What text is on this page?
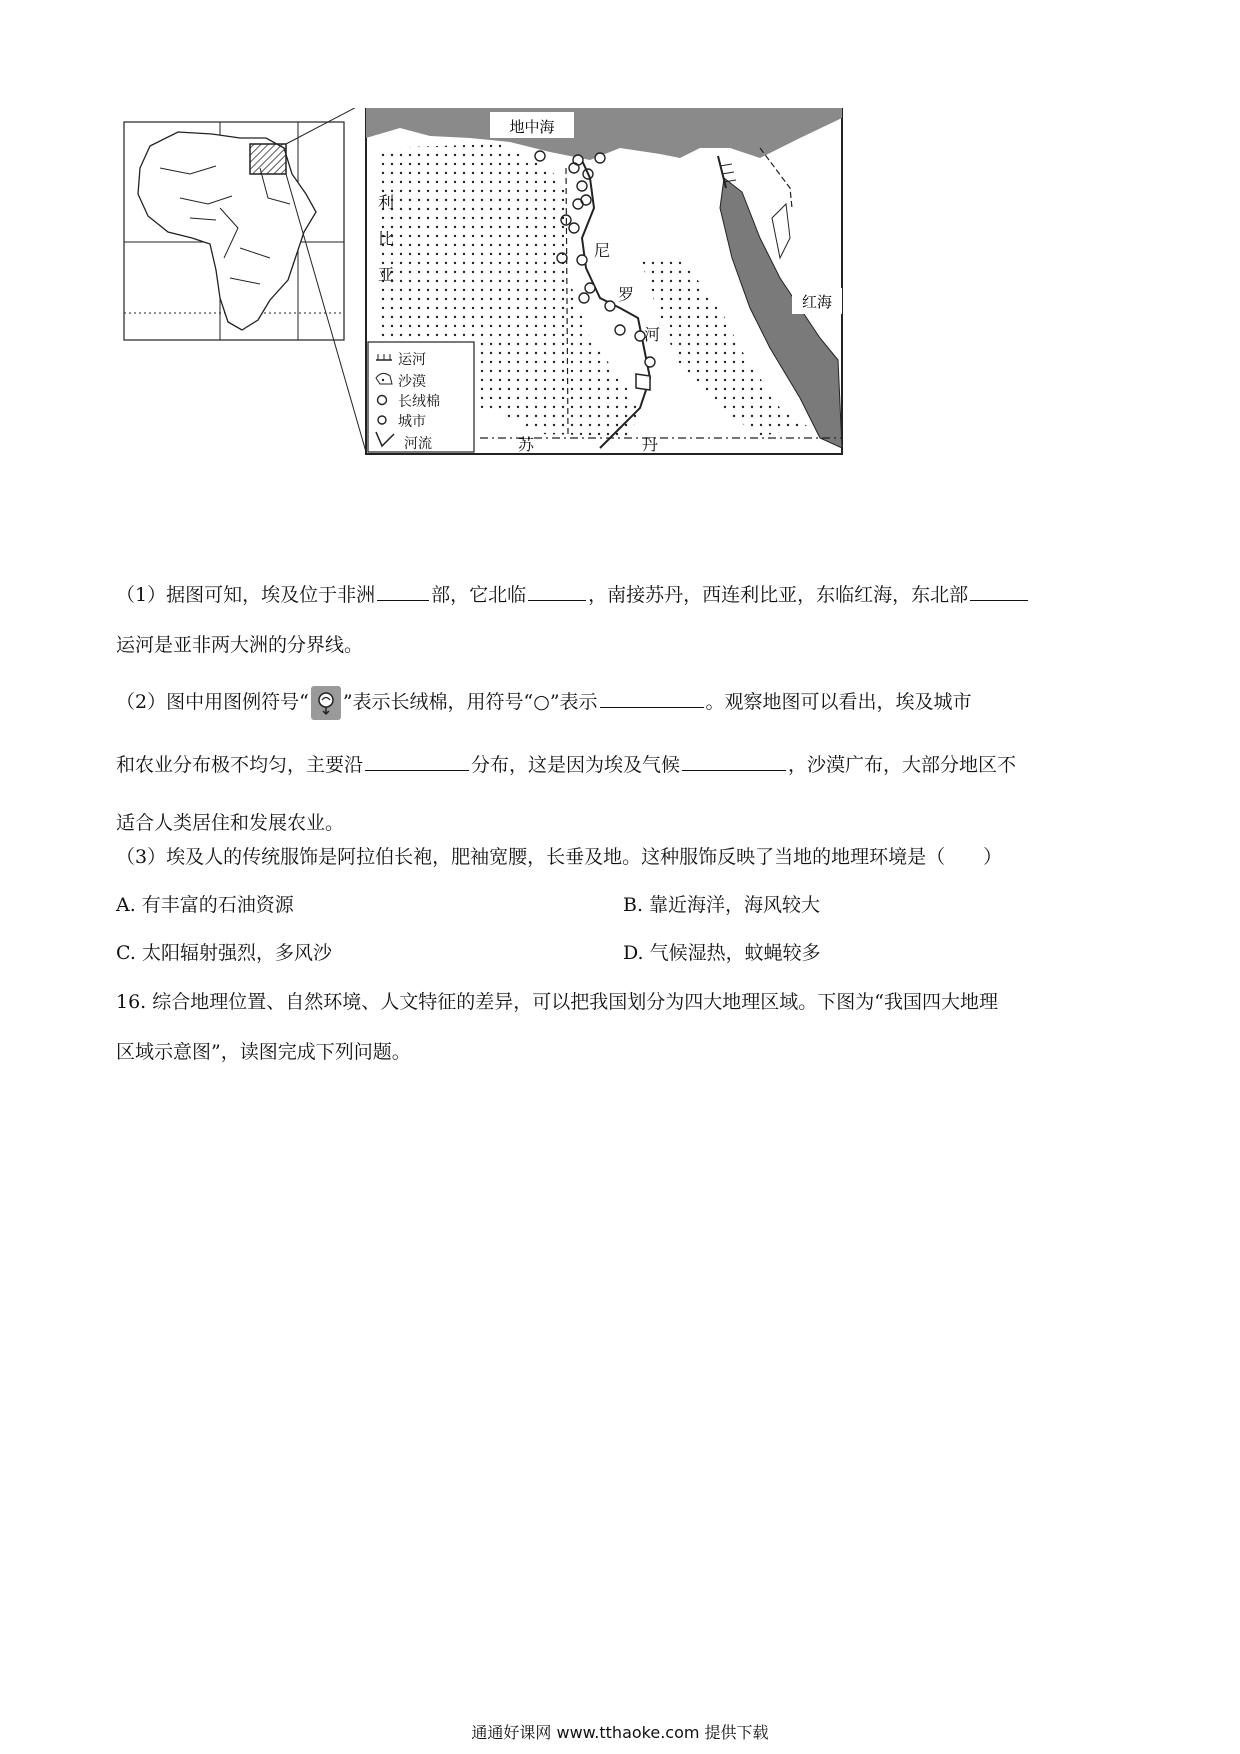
地中海
红海
利
比
亚
尼
罗
河
苏	丹
运河
沙漠
长绒棉
城市
河流

（1）据图可知，埃及位于非洲	部，它北临	，南接苏丹，西连利比亚，东临红海，东北部

运河是亚非两大洲的分界线。

（2）图中用图例符号“ ”表示长绒棉，用符号“○”表示	。观察地图可以看出，埃及城市

和农业分布极不均匀，主要沿	分布，这是因为埃及气候	，沙漠广布，大部分地区不

适合人类居住和发展农业。

（3）埃及人的传统服饰是阿拉伯长袍，肥袖宽腰，长垂及地。这种服饰反映了当地的地理环境是（　　）
A. 有丰富的石油资源	B. 靠近海洋，海风较大
C. 太阳辐射强烈，多风沙	D. 气候湿热，蚊蝇较多

16. 综合地理位置、自然环境、人文特征的差异，可以把我国划分为四大地理区域。下图为“我国四大地理

区域示意图”，读图完成下列问题。

通通好课网 www.tthaoke.com 提供下载
